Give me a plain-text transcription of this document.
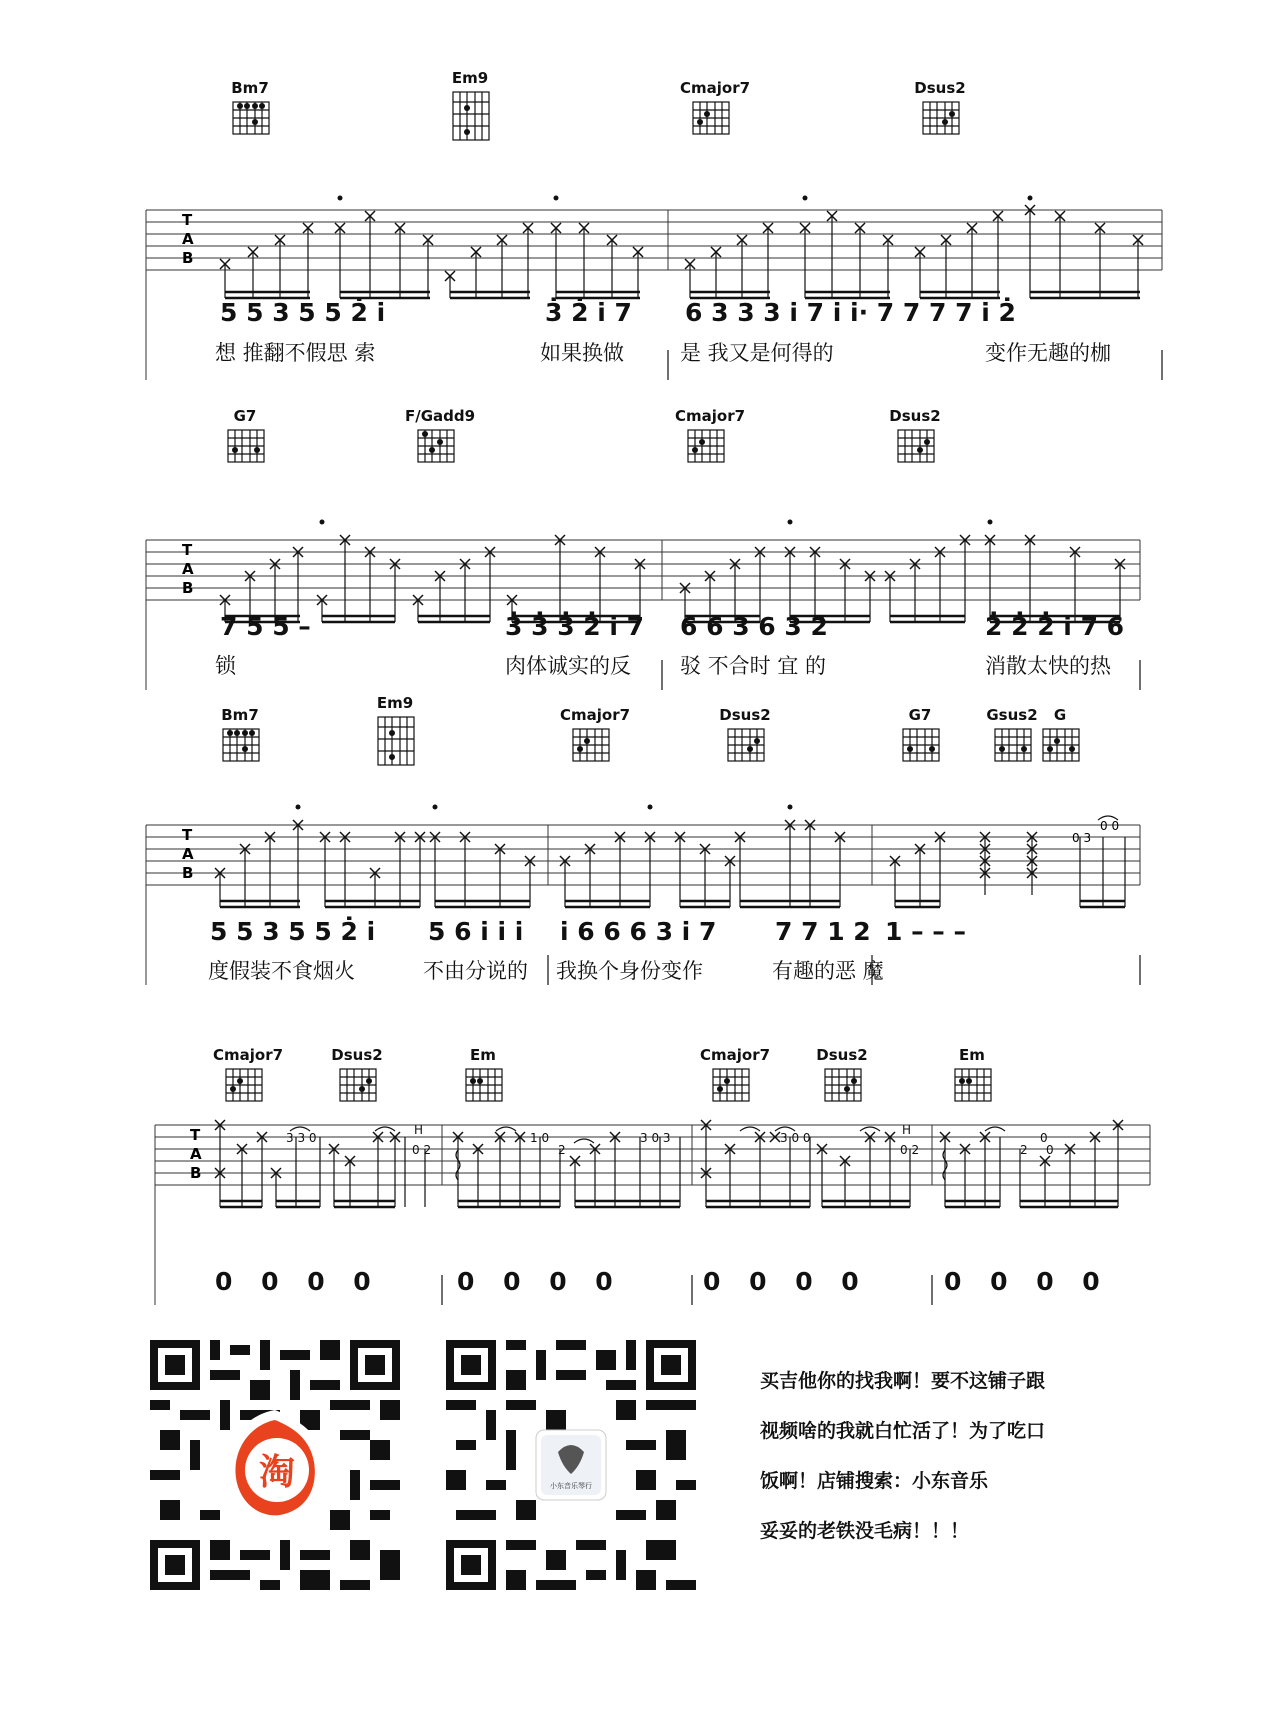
Bm7
Em9
Cmajor7	Dsus2
T
A
B
5 5 3 5 5 2̇ i̇	3̇ 2̇ i̇ 7 6 3 3 3 i̇ 7 i̇ i̇· 7 7 7 7 i̇ 2̇
想 推翻不假思 索	如果换做	是 我又是何得的	变作无趣的枷
G7	F/Gadd9	Cmajor7	Dsus2
T
A
B
7 5 5 –	3̇ 3̇ 3̇ 2̇ i̇ 7 6 6 3 6 3 2̇	2̇ 2̇ 2̇ i̇ 7 6
锁	肉体诚实的反 驳 不合时 宜 的	消散太快的热
Bm7
Em9
Cmajor7	Dsus2	G7	Gsus2	G
T
A
B
0 3
0 0
5 5 3 5 5 2̇ i̇ 5 6 i̇ i̇ i̇ i̇ 6 6 6 3 i̇ 7 7 7 1 2 1 – – –
度假装不食烟火	不由分说的 我换个身份变作	有趣的恶 魔
Cmajor7	Dsus2	Em	Cmajor7	Dsus2	Em
T
A
B
3 3 0
0 2
H
1 0
2
3 0 3	3 0 0
0 2
H
2
0
0
0 0 0 0	0 0 0 0	0 0 0 0	0 0 0 0
淘	小东音乐琴行
买吉他你的找我啊！要不这铺子跟
视频啥的我就白忙活了！为了吃口
饭啊！店铺搜索：小东音乐
妥妥的老铁没毛病！！！
